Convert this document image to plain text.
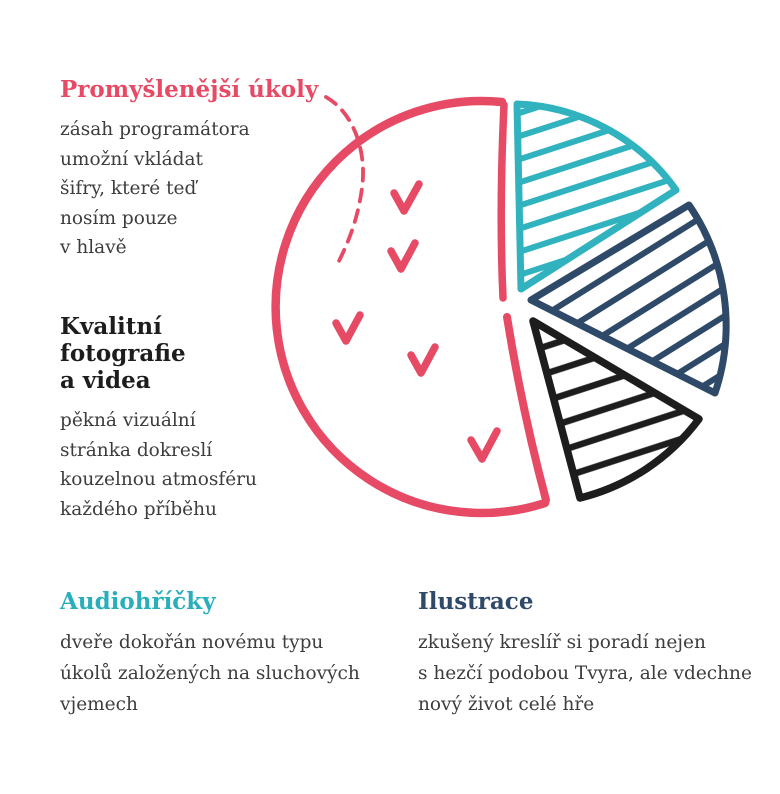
Promyšlenější úkoly
zásah programátora
umožní vkládat
šifry, které teď
nosím pouze
v hlavě
Kvalitní
fotografie
a videa
pěkná vizuální
stránka dokreslí
kouzelnou atmosféru
každého příběhu
Audiohříčky
dveře dokořán novému typu
úkolů založených na sluchových
vjemech
Ilustrace
zkušený kreslíř si poradí nejen
s hezčí podobou Tvyra, ale vdechne
nový život celé hře
